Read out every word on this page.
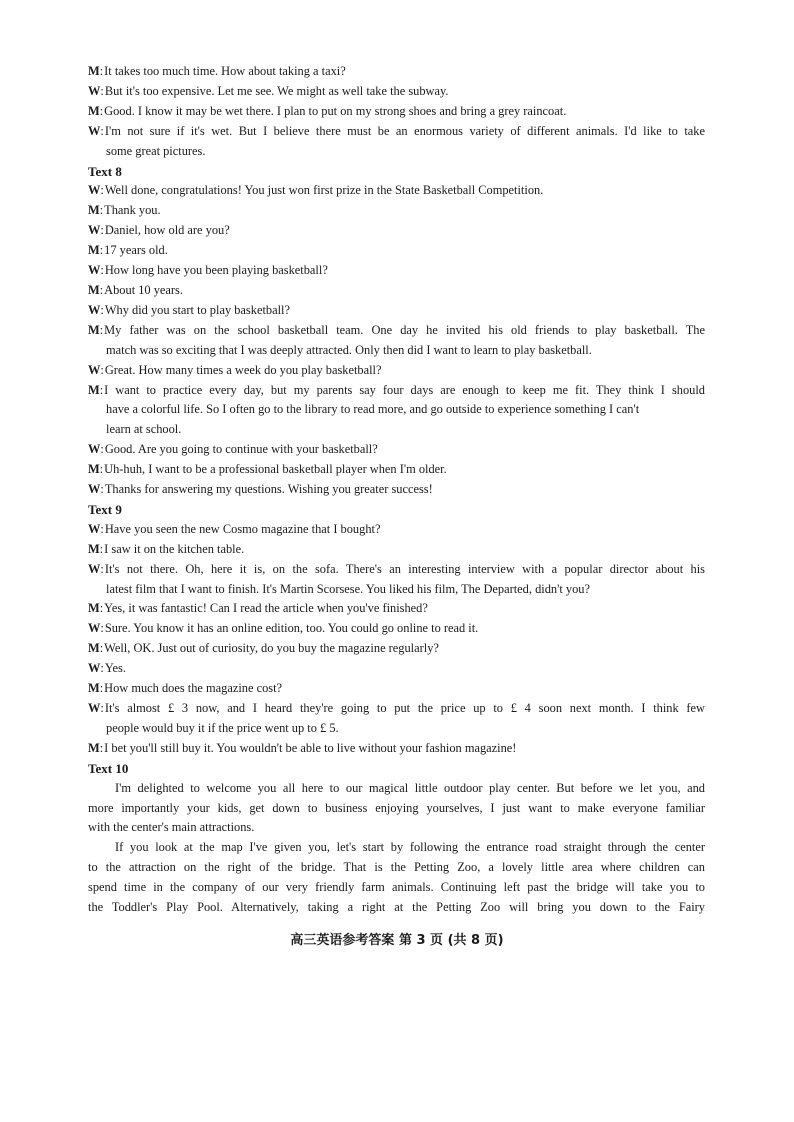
M : It takes too much time. How about taking a taxi?
W : But it's too expensive. Let me see. We might as well take the subway.
M : Good. I know it may be wet there. I plan to put on my strong shoes and bring a grey raincoat.
W : I'm not sure if it's wet. But I believe there must be an enormous variety of different animals. I'd like to take
some great pictures.
Text 8
W : Well done, congratulations! You just won first prize in the State Basketball Competition.
M : Thank you.
W : Daniel, how old are you?
M : 17 years old.
W : How long have you been playing basketball?
M : About 10 years.
W : Why did you start to play basketball?
M : My father was on the school basketball team. One day he invited his old friends to play basketball. The
match was so exciting that I was deeply attracted. Only then did I want to learn to play basketball.
W : Great. How many times a week do you play basketball?
M : I want to practice every day, but my parents say four days are enough to keep me fit. They think I should
have a colorful life. So I often go to the library to read more, and go outside to experience something I can't
learn at school.
W : Good. Are you going to continue with your basketball?
M : Uh-huh, I want to be a professional basketball player when I'm older.
W : Thanks for answering my questions. Wishing you greater success!
Text 9
W : Have you seen the new Cosmo magazine that I bought?
M : I saw it on the kitchen table.
W : It's not there. Oh, here it is, on the sofa. There's an interesting interview with a popular director about his
latest film that I want to finish. It's Martin Scorsese. You liked his film, The Departed, didn't you?
M : Yes, it was fantastic! Can I read the article when you've finished?
W : Sure. You know it has an online edition, too. You could go online to read it.
M : Well, OK. Just out of curiosity, do you buy the magazine regularly?
W : Yes.
M : How much does the magazine cost?
W : It's almost £ 3 now, and I heard they're going to put the price up to £ 4 soon next month. I think few
people would buy it if the price went up to £ 5.
M : I bet you'll still buy it. You wouldn't be able to live without your fashion magazine!
Text 10
I'm delighted to welcome you all here to our magical little outdoor play center. But before we let you, and
more importantly your kids, get down to business enjoying yourselves, I just want to make everyone familiar
with the center's main attractions.
If you look at the map I've given you, let's start by following the entrance road straight through the center
to the attraction on the right of the bridge. That is the Petting Zoo, a lovely little area where children can
spend time in the company of our very friendly farm animals. Continuing left past the bridge will take you to
the Toddler's Play Pool. Alternatively, taking a right at the Petting Zoo will bring you down to the Fairy
高三英语参考答案 第 3 页 (共 8 页)
